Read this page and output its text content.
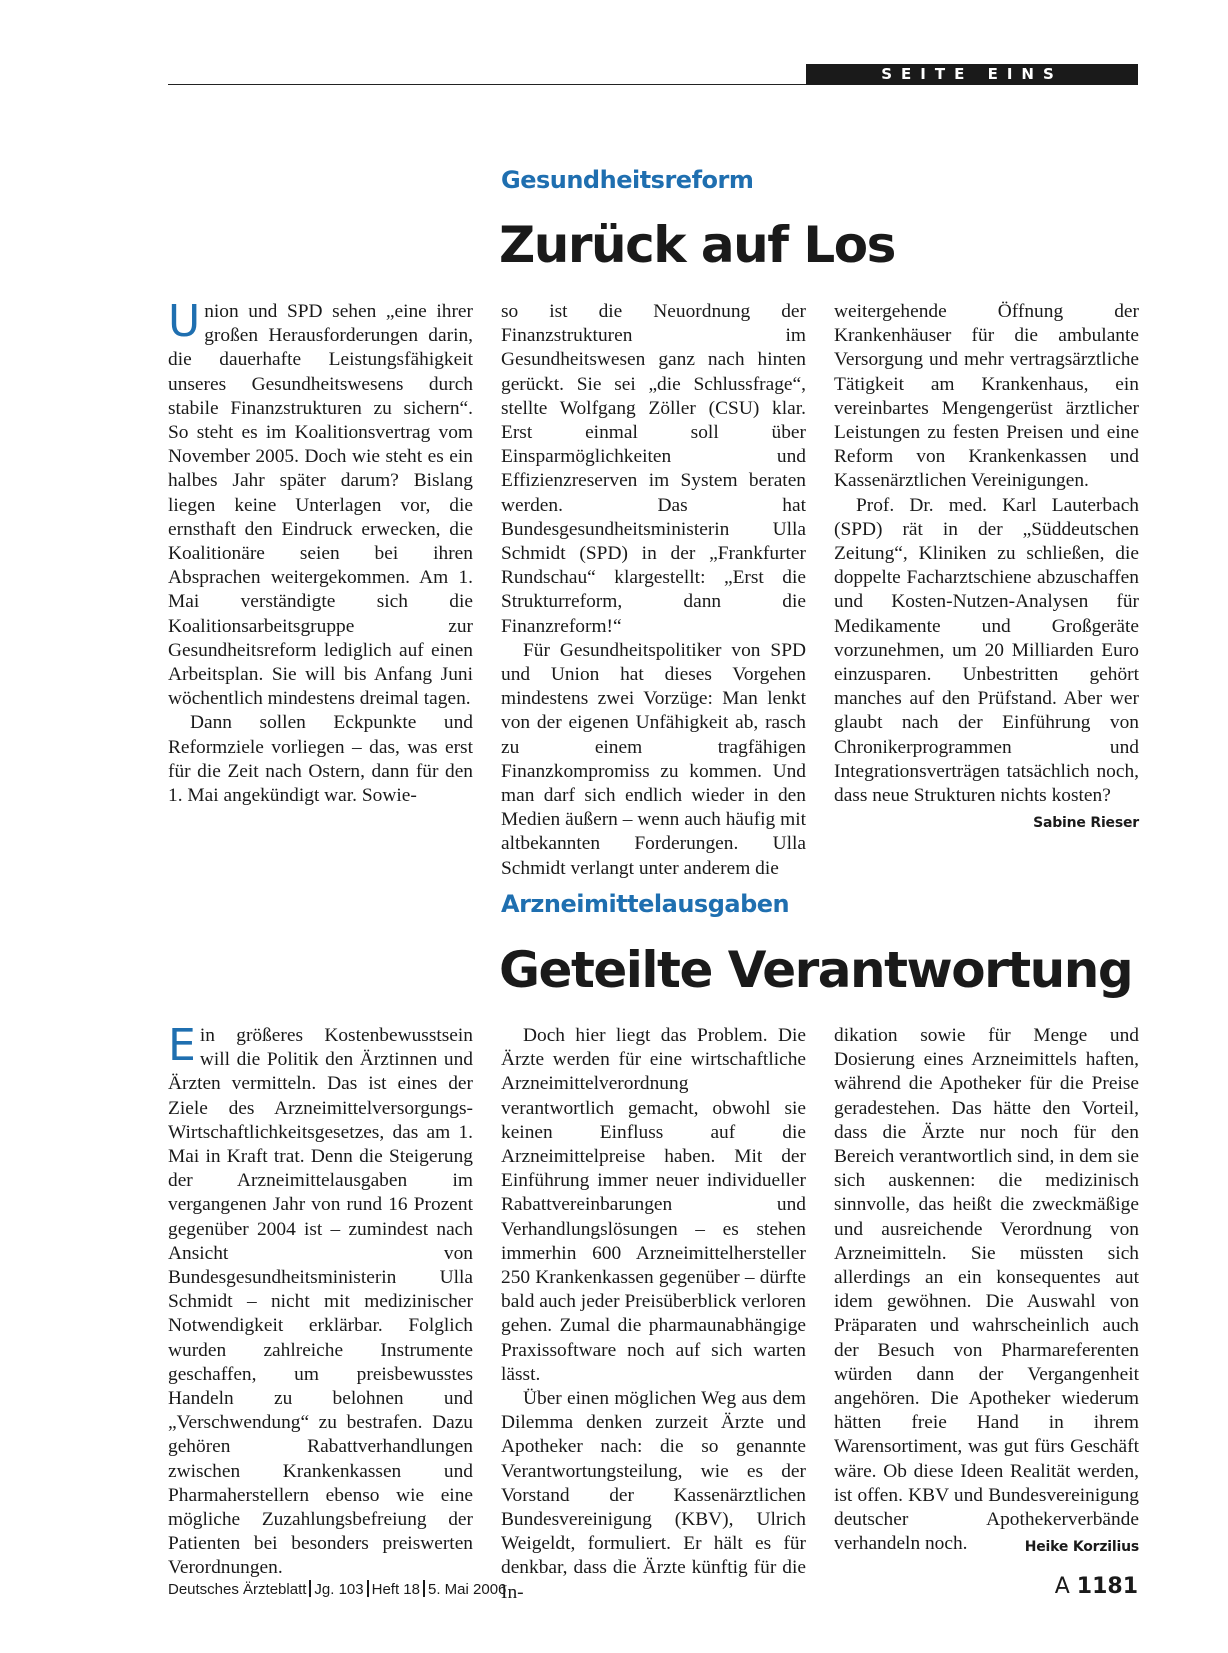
SEITE EINS
Gesundheitsreform
Zurück auf Los
U nion und SPD sehen „eine ihrer großen Herausforderungen darin, die dauerhafte Leistungsfähigkeit unseres Gesundheitswesens durch stabile Finanzstrukturen zu sichern“. So steht es im Koalitionsvertrag vom November 2005. Doch wie steht es ein halbes Jahr später darum? Bislang liegen keine Unterlagen vor, die ernsthaft den Eindruck erwecken, die Koalitionäre seien bei ihren Absprachen weitergekommen. Am 1. Mai verständigte sich die Koalitionsarbeitsgruppe zur Gesundheitsreform lediglich auf einen Arbeitsplan. Sie will bis Anfang Juni wöchentlich mindestens dreimal tagen.

Dann sollen Eckpunkte und Reformziele vorliegen – das, was erst für die Zeit nach Ostern, dann für den 1. Mai angekündigt war. Sowie-

so ist die Neuordnung der Finanzstrukturen im Gesundheitswesen ganz nach hinten gerückt. Sie sei „die Schlussfrage“, stellte Wolfgang Zöller (CSU) klar. Erst einmal soll über Einsparmöglichkeiten und Effizienzreserven im System beraten werden. Das hat Bundesgesundheitsministerin Ulla Schmidt (SPD) in der „Frankfurter Rundschau“ klargestellt: „Erst die Strukturreform, dann die Finanzreform!“

Für Gesundheitspolitiker von SPD und Union hat dieses Vorgehen mindestens zwei Vorzüge: Man lenkt von der eigenen Unfähigkeit ab, rasch zu einem tragfähigen Finanzkompromiss zu kommen. Und man darf sich endlich wieder in den Medien äußern – wenn auch häufig mit altbekannten Forderungen. Ulla Schmidt verlangt unter anderem die

weitergehende Öffnung der Krankenhäuser für die ambulante Versorgung und mehr vertragsärztliche Tätigkeit am Krankenhaus, ein vereinbartes Mengengerüst ärztlicher Leistungen zu festen Preisen und eine Reform von Krankenkassen und Kassenärztlichen Vereinigungen.

Prof. Dr. med. Karl Lauterbach (SPD) rät in der „Süddeutschen Zeitung“, Kliniken zu schließen, die doppelte Facharztschiene abzuschaffen und Kosten-Nutzen-Analysen für Medikamente und Großgeräte vorzunehmen, um 20 Milliarden Euro einzusparen. Unbestritten gehört manches auf den Prüfstand. Aber wer glaubt nach der Einführung von Chronikerprogrammen und Integrationsverträgen tatsächlich noch, dass neue Strukturen nichts kosten?
Sabine Rieser

Arzneimittelausgaben
Geteilte Verantwortung
E in größeres Kostenbewusstsein will die Politik den Ärztinnen und Ärzten vermitteln. Das ist eines der Ziele des Arzneimittelversorgungs-Wirtschaftlichkeitsgesetzes, das am 1. Mai in Kraft trat. Denn die Steigerung der Arzneimittelausgaben im vergangenen Jahr von rund 16 Prozent gegenüber 2004 ist – zumindest nach Ansicht von Bundesgesundheitsministerin Ulla Schmidt – nicht mit medizinischer Notwendigkeit erklärbar. Folglich wurden zahlreiche Instrumente geschaffen, um preisbewusstes Handeln zu belohnen und „Verschwendung“ zu bestrafen. Dazu gehören Rabattverhandlungen zwischen Krankenkassen und Pharmaherstellern ebenso wie eine mögliche Zuzahlungsbefreiung der Patienten bei besonders preiswerten Verordnungen.

Doch hier liegt das Problem. Die Ärzte werden für eine wirtschaftliche Arzneimittelverordnung verantwortlich gemacht, obwohl sie keinen Einfluss auf die Arzneimittelpreise haben. Mit der Einführung immer neuer individueller Rabattvereinbarungen und Verhandlungslösungen – es stehen immerhin 600 Arzneimittelhersteller 250 Krankenkassen gegenüber – dürfte bald auch jeder Preisüberblick verloren gehen. Zumal die pharmaunabhängige Praxissoftware noch auf sich warten lässt.

Über einen möglichen Weg aus dem Dilemma denken zurzeit Ärzte und Apotheker nach: die so genannte Verantwortungsteilung, wie es der Vorstand der Kassenärztlichen Bundesvereinigung (KBV), Ulrich Weigeldt, formuliert. Er hält es für denkbar, dass die Ärzte künftig für die In-

dikation sowie für Menge und Dosierung eines Arzneimittels haften, während die Apotheker für die Preise geradestehen. Das hätte den Vorteil, dass die Ärzte nur noch für den Bereich verantwortlich sind, in dem sie sich auskennen: die medizinisch sinnvolle, das heißt die zweckmäßige und ausreichende Verordnung von Arzneimitteln. Sie müssten sich allerdings an ein konsequentes aut idem gewöhnen. Die Auswahl von Präparaten und wahrscheinlich auch der Besuch von Pharmareferenten würden dann der Vergangenheit angehören. Die Apotheker wiederum hätten freie Hand in ihrem Warensortiment, was gut fürs Geschäft wäre. Ob diese Ideen Realität werden, ist offen. KBV und Bundesvereinigung deutscher Apothekerverbände verhandeln noch.	Heike Korzilius

Deutsches Ärzteblatt Jg. 103 Heft 18 5. Mai 2006	A 1181
